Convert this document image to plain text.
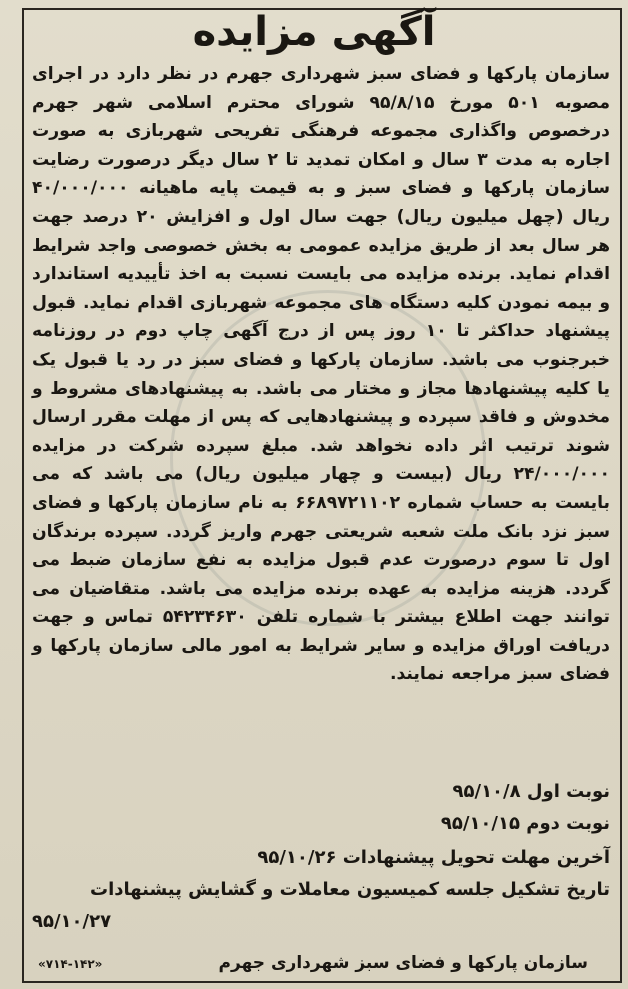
آگهی مزایده
سازمان پارکها و فضای سبز شهرداری جهرم در نظر دارد در اجرای مصوبه ۵۰۱ مورخ ۹۵/۸/۱۵ شورای محترم اسلامی شهر جهرم درخصوص واگذاری مجموعه فرهنگی تفریحی شهربازی به صورت اجاره به مدت ۳ سال و امکان تمدید تا ۲ سال دیگر درصورت رضایت سازمان پارکها و فضای سبز و به قیمت پایه ماهیانه ۴۰/۰۰۰/۰۰۰ ریال (چهل میلیون ریال) جهت سال اول و افزایش ۲۰ درصد جهت هر سال بعد از طریق مزایده عمومی به بخش خصوصی واجد شرایط اقدام نماید. برنده مزایده می بایست نسبت به اخذ تأییدیه استاندارد و بیمه نمودن کلیه دستگاه های مجموعه شهربازی اقدام نماید. قبول پیشنهاد حداکثر تا ۱۰ روز پس از درج آگهی چاپ دوم در روزنامه خبرجنوب می باشد. سازمان پارکها و فضای سبز در رد یا قبول یک یا کلیه پیشنهادها مجاز و مختار می باشد. به پیشنهادهای مشروط و مخدوش و فاقد سپرده و پیشنهادهایی که پس از مهلت مقرر ارسال شوند ترتیب اثر داده نخواهد شد. مبلغ سپرده شرکت در مزایده ۲۴/۰۰۰/۰۰۰ ریال (بیست و چهار میلیون ریال) می باشد که می بایست به حساب شماره ۶۶۸۹۷۲۱۱۰۲ به نام سازمان پارکها و فضای سبز نزد بانک ملت شعبه شریعتی جهرم واریز گردد. سپرده برندگان اول تا سوم درصورت عدم قبول مزایده به نفع سازمان ضبط می گردد. هزینه مزایده به عهده برنده مزایده می باشد. متقاضیان می توانند جهت اطلاع بیشتر با شماره تلفن ۵۴۲۳۴۶۳۰ تماس و جهت دریافت اوراق مزایده و سایر شرایط به امور مالی سازمان پارکها و فضای سبز مراجعه نمایند.
نوبت اول ۹۵/۱۰/۸
نوبت دوم ۹۵/۱۰/۱۵
آخرین مهلت تحویل پیشنهادات ۹۵/۱۰/۲۶
تاریخ تشکیل جلسه کمیسیون معاملات و گشایش پیشنهادات
۹۵/۱۰/۲۷
سازمان پارکها و فضای سبز شهرداری جهرم
«۷۱۴-۱۴۲»
